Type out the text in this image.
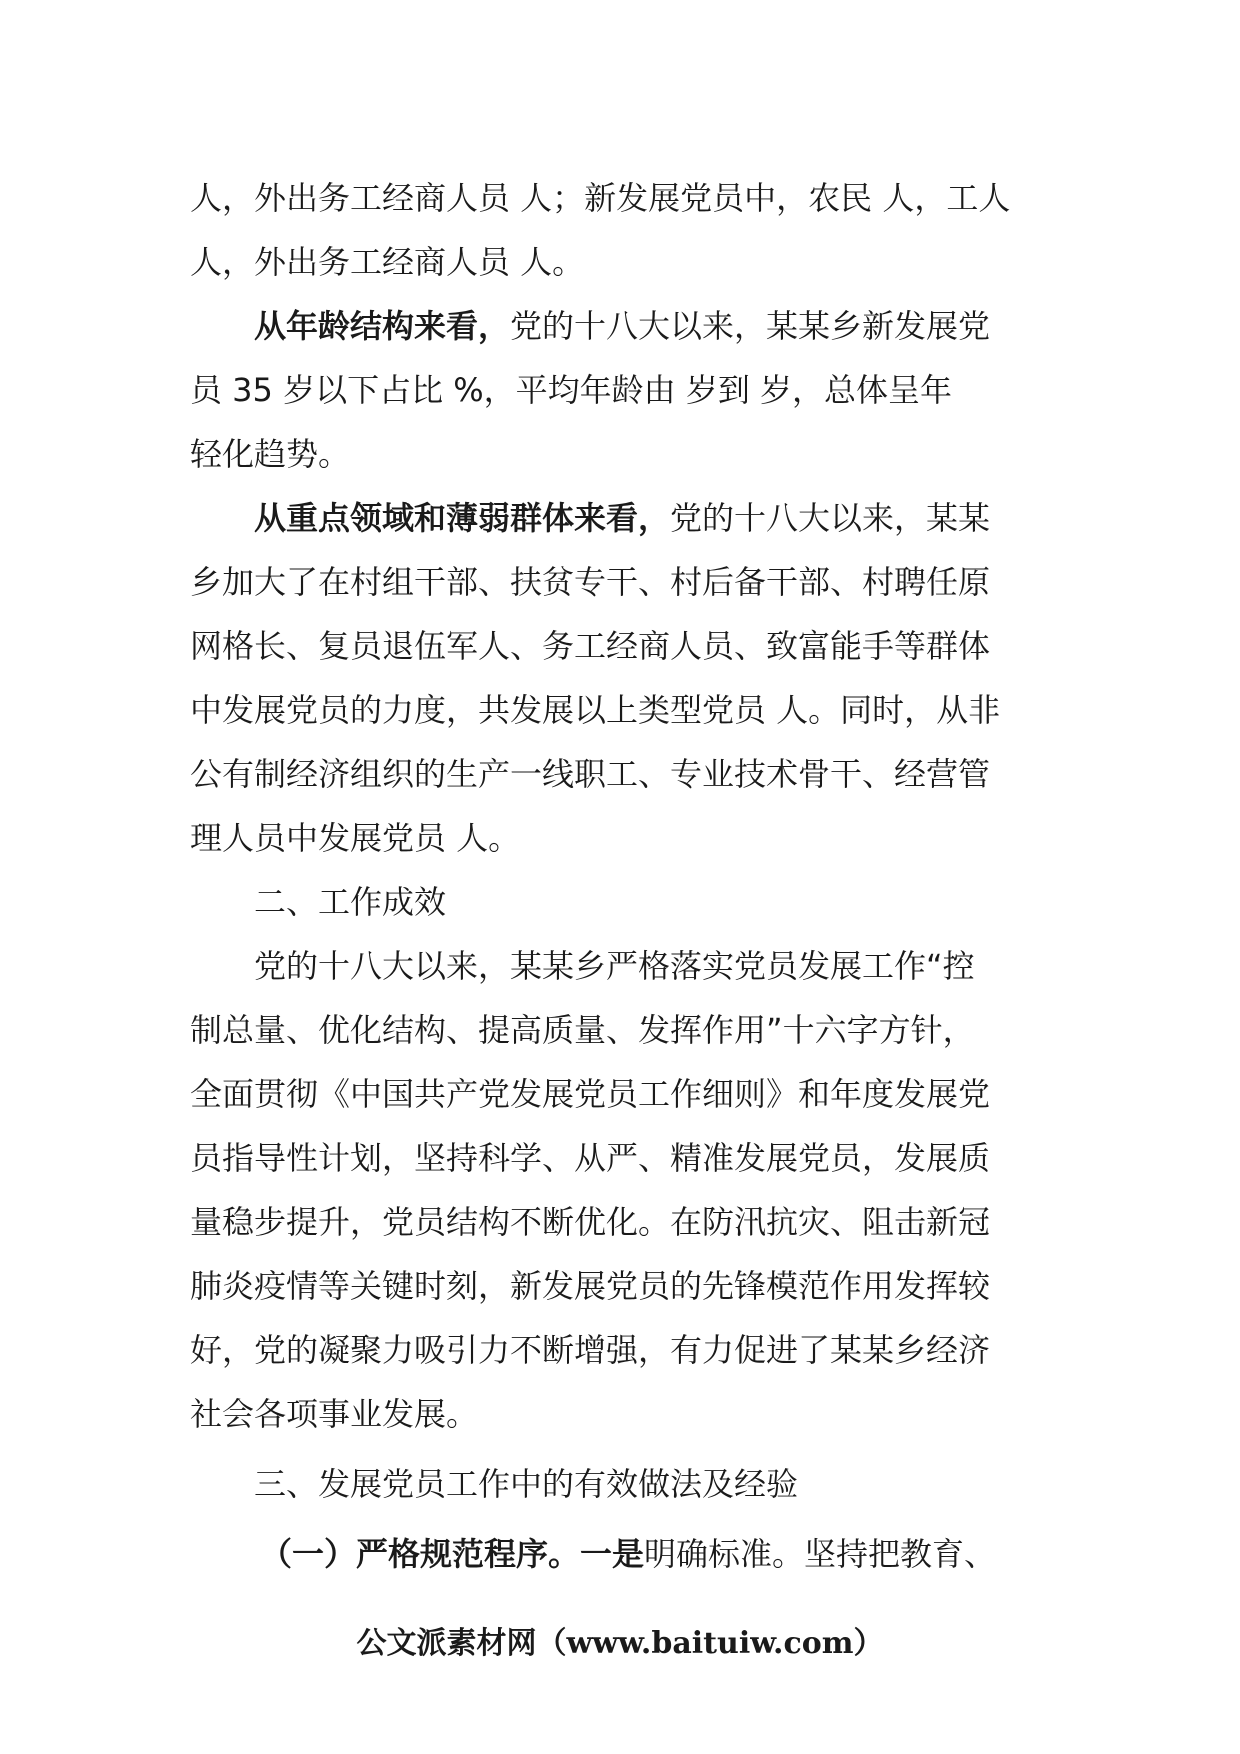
人，外出务工经商人员 人；新发展党员中，农民 人，工人
人，外出务工经商人员 人。
从年龄结构来看，党的十八大以来，某某乡新发展党
员 35 岁以下占比 %，平均年龄由 岁到 岁，总体呈年
轻化趋势。
从重点领域和薄弱群体来看，党的十八大以来，某某
乡加大了在村组干部、扶贫专干、村后备干部、村聘任原
网格长、复员退伍军人、务工经商人员、致富能手等群体
中发展党员的力度，共发展以上类型党员 人。同时，从非
公有制经济组织的生产一线职工、专业技术骨干、经营管
理人员中发展党员 人。
二、工作成效
党的十八大以来，某某乡严格落实党员发展工作“控
制总量、优化结构、提高质量、发挥作用”十六字方针，
全面贯彻《中国共产党发展党员工作细则》和年度发展党
员指导性计划，坚持科学、从严、精准发展党员，发展质
量稳步提升，党员结构不断优化。在防汛抗灾、阻击新冠
肺炎疫情等关键时刻，新发展党员的先锋模范作用发挥较
好，党的凝聚力吸引力不断增强，有力促进了某某乡经济
社会各项事业发展。
三、发展党员工作中的有效做法及经验
（一）严格规范程序。一是明确标准。坚持把教育、
公文派素材网（www.baituiw.com）
